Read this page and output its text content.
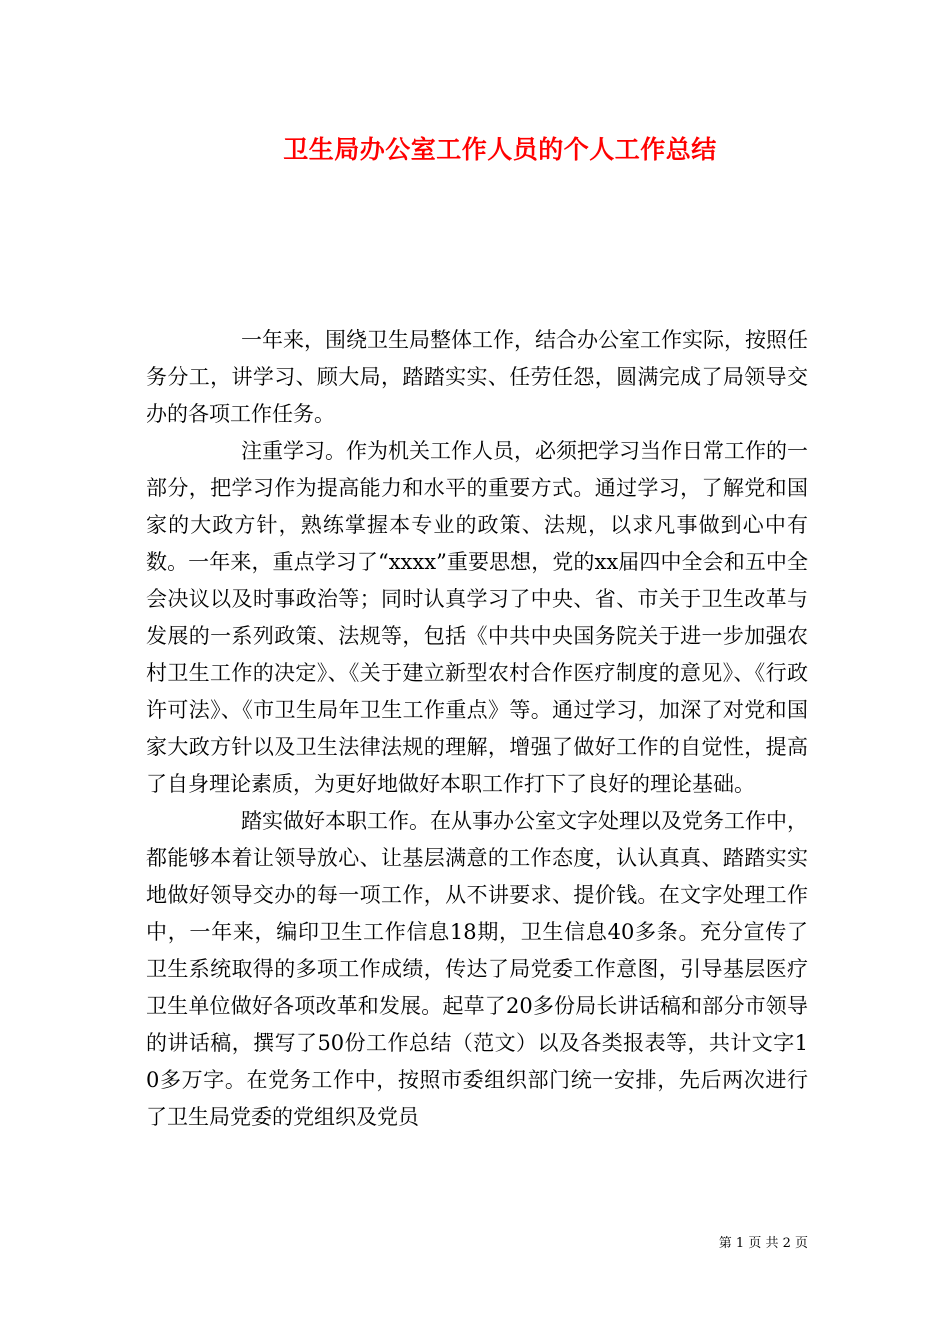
卫生局办公室工作人员的个人工作总结

一年来，围绕卫生局整体工作，结合办公室工作实际，按照任务分工，讲学习、顾大局，踏踏实实、任劳任怨，圆满完成了局领导交办的各项工作任务。

注重学习。作为机关工作人员，必须把学习当作日常工作的一部分，把学习作为提高能力和水平的重要方式。通过学习，了解党和国家的大政方针，熟练掌握本专业的政策、法规，以求凡事做到心中有数。一年来，重点学习了“xxxx”重要思想，党的xx届四中全会和五中全会决议以及时事政治等；同时认真学习了中央、省、市关于卫生改革与发展的一系列政策、法规等，包括《中共中央国务院关于进一步加强农村卫生工作的决定》、《关于建立新型农村合作医疗制度的意见》、《行政许可法》、《市卫生局年卫生工作重点》等。通过学习，加深了对党和国家大政方针以及卫生法律法规的理解，增强了做好工作的自觉性，提高了自身理论素质，为更好地做好本职工作打下了良好的理论基础。

踏实做好本职工作。在从事办公室文字处理以及党务工作中，都能够本着让领导放心、让基层满意的工作态度，认认真真、踏踏实实地做好领导交办的每一项工作，从不讲要求、提价钱。在文字处理工作中，一年来，编印卫生工作信息18期，卫生信息40多条。充分宣传了卫生系统取得的多项工作成绩，传达了局党委工作意图，引导基层医疗卫生单位做好各项改革和发展。起草了20多份局长讲话稿和部分市领导的讲话稿，撰写了50份工作总结（范文）以及各类报表等，共计文字10多万字。在党务工作中，按照市委组织部门统一安排，先后两次进行了卫生局党委的党组织及党员

第 1 页 共 2 页
